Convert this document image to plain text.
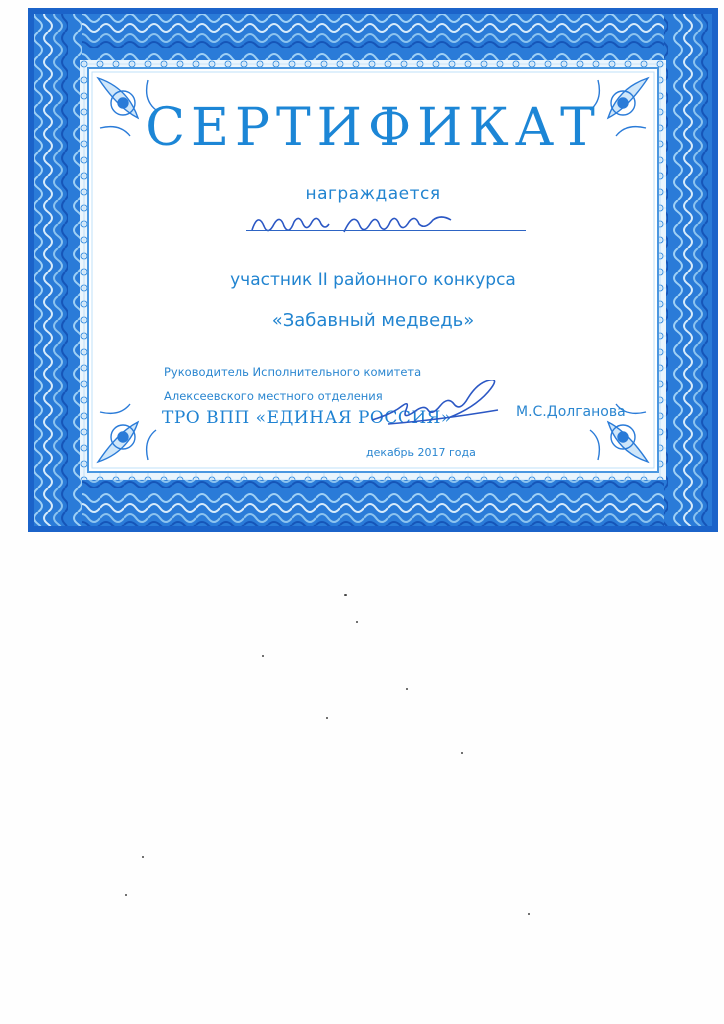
СЕРТИФИКАТ
награждается
участник II районного конкурса
«Забавный медведь»
Руководитель Исполнительного комитета
Алексеевского местного отделения
ТРО ВПП «ЕДИНАЯ РОССИЯ»	М.С.Долганова
декабрь 2017 года
